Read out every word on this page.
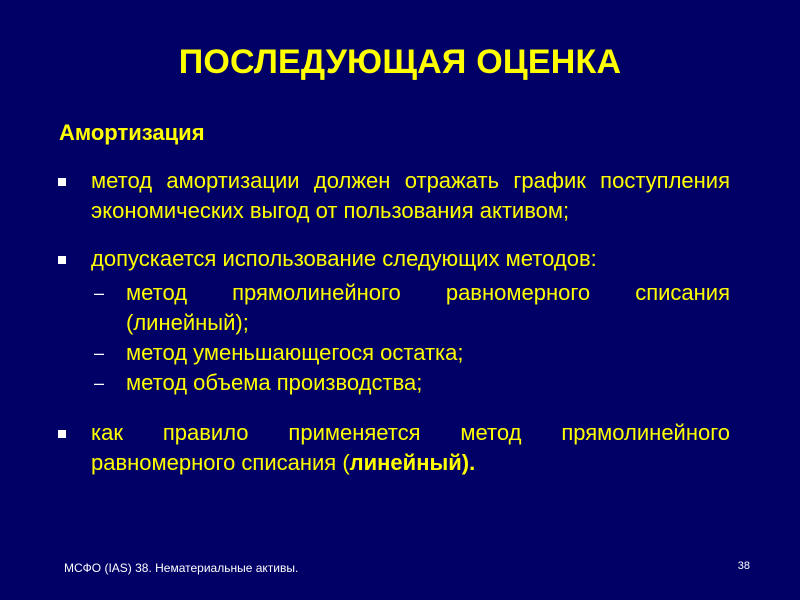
ПОСЛЕДУЮЩАЯ ОЦЕНКА
Амортизация
метод амортизации должен отражать график поступления экономических выгод от пользования активом;
допускается использование следующих методов:
– метод прямолинейного равномерного списания (линейный);
– метод уменьшающегося остатка;
– метод объема производства;
как правило применяется метод прямолинейного равномерного списания (линейный).
МСФО (IAS) 38. Нематериальные активы.	38
